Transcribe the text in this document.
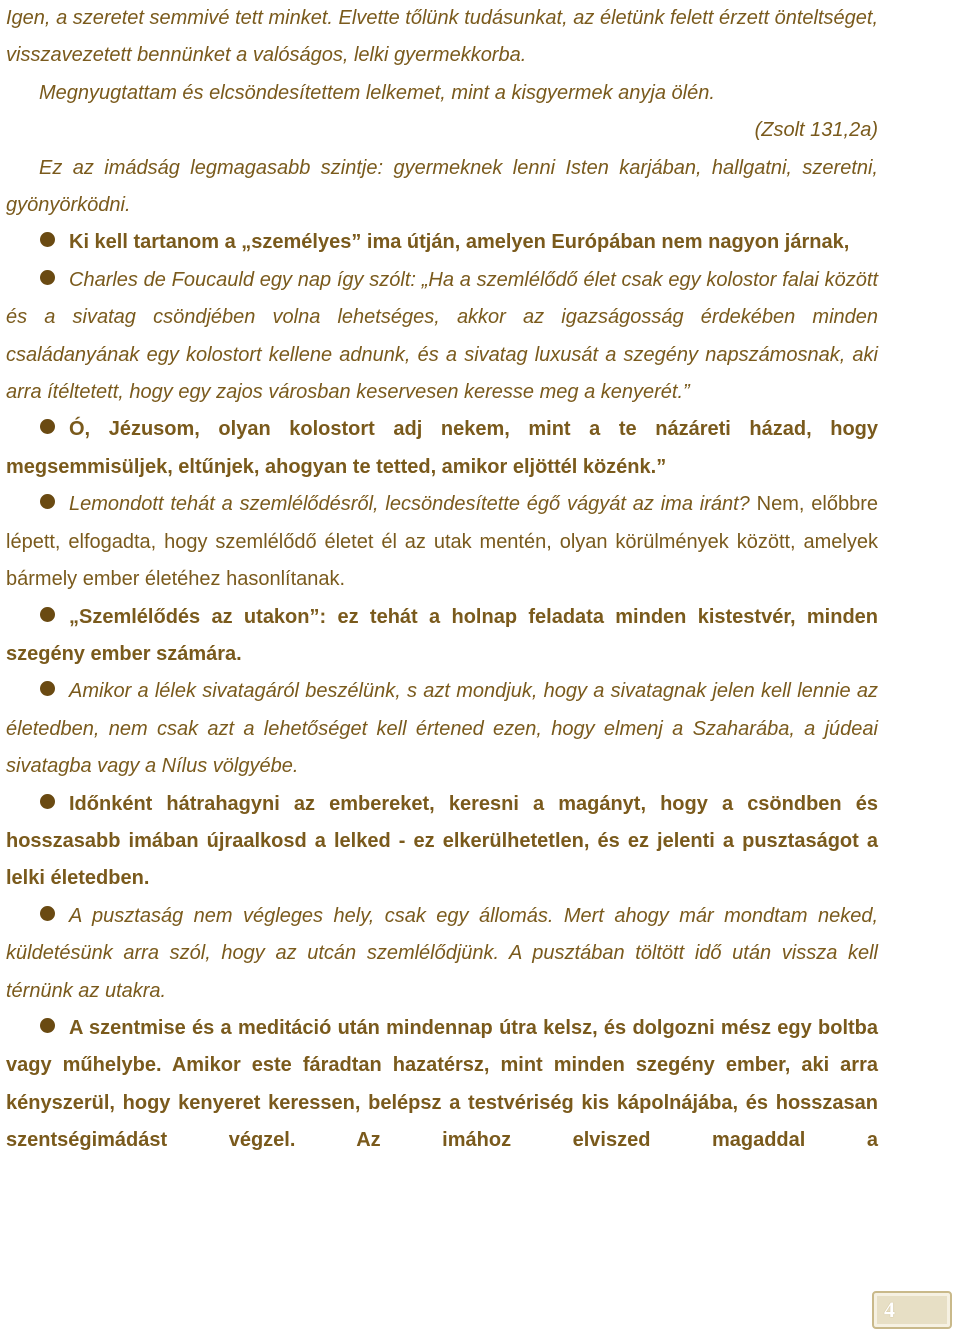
Igen, a szeretet semmivé tett minket. Elvette tőlünk tudásunkat, az életünk felett érzett önteltséget, visszavezetett bennünket a valóságos, lelki gyermekkorba.

Megnyugtattam és elcsöndesítettem lelkemet, mint a kisgyermek anyja ölén.

(Zsolt 131,2a)

Ez az imádság legmagasabb szintje: gyermeknek lenni Isten karjában, hallgatni, szeretni, gyönyörködni.

Ki kell tartanom a „személyes” ima útján, amelyen Európában nem nagyon járnak,

Charles de Foucauld egy nap így szólt: „Ha a szemlélődő élet csak egy kolostor falai között és a sivatag csöndjében volna lehetséges, akkor az igazságosság érdekében minden családanyának egy kolostort kellene adnunk, és a sivatag luxusát a szegény napszámosnak, aki arra ítéltetett, hogy egy zajos városban keservesen keresse meg a kenyerét.”

Ó, Jézusom, olyan kolostort adj nekem, mint a te názáreti házad, hogy megsemmisüljek, eltűnjek, ahogyan te tetted, amikor eljöttél közénk.”

Lemondott tehát a szemlélődésről, lecsöndesítette égő vágyát az ima iránt? Nem, előbbre lépett, elfogadta, hogy szemlélődő életet él az utak mentén, olyan körülmények között, amelyek bármely ember életéhez hasonlítanak.

„Szemlélődés az utakon”: ez tehát a holnap feladata minden kistestvér, minden szegény ember számára.

Amikor a lélek sivatagáról beszélünk, s azt mondjuk, hogy a sivatagnak jelen kell lennie az életedben, nem csak azt a lehetőséget kell értened ezen, hogy elmenj a Szaharába, a júdeai sivatagba vagy a Nílus völgyébe.

Időnként hátrahagyni az embereket, keresni a magányt, hogy a csöndben és hosszasabb imában újraalkosd a lelked - ez elkerülhetetlen, és ez jelenti a pusztaságot a lelki életedben.

A pusztaság nem végleges hely, csak egy állomás. Mert ahogy már mondtam neked, küldetésünk arra szól, hogy az utcán szemlélődjünk. A pusztában töltött idő után vissza kell térnünk az utakra.

A szentmise és a meditáció után mindennap útra kelsz, és dolgozni mész egy boltba vagy műhelybe. Amikor este fáradtan hazatérsz, mint minden szegény ember, aki arra kényszerül, hogy kenyeret keressen, belépsz a testvériség kis kápolnájába, és hosszasan szentségimádást végzel. Az imához elviszed magaddal a

4
